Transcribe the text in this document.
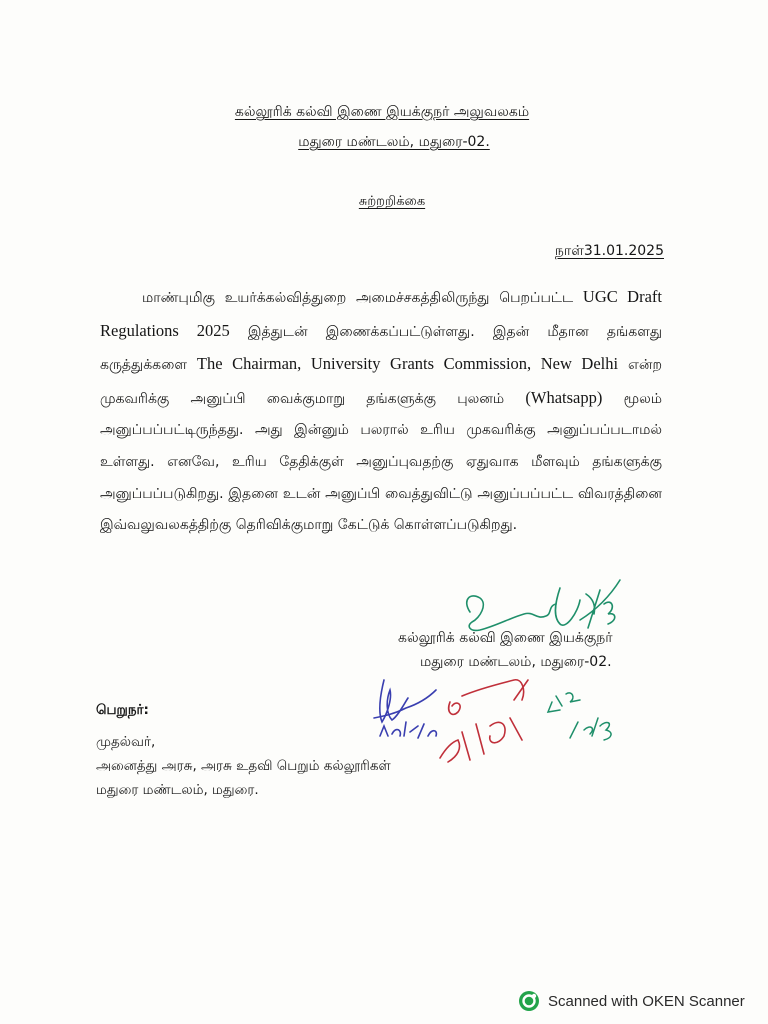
கல்லூரிக் கல்வி இணை இயக்குநர் அலுவலகம்
மதுரை மண்டலம், மதுரை-02.
சுற்றறிக்கை
நாள்31.01.2025
மாண்புமிகு உயர்க்கல்வித்துறை அமைச்சகத்திலிருந்து பெறப்பட்ட UGC Draft Regulations 2025 இத்துடன் இணைக்கப்பட்டுள்ளது. இதன் மீதான தங்களது கருத்துக்களை The Chairman, University Grants Commission, New Delhi என்ற முகவரிக்கு அனுப்பி வைக்குமாறு தங்களுக்கு புலனம் (Whatsapp) மூலம் அனுப்பப்பட்டிருந்தது. அது இன்னும் பலரால் உரிய முகவரிக்கு அனுப்பப்படாமல் உள்ளது. எனவே, உரிய தேதிக்குள் அனுப்புவதற்கு ஏதுவாக மீளவும் தங்களுக்கு அனுப்பப்படுகிறது. இதனை உடன் அனுப்பி வைத்துவிட்டு அனுப்பப்பட்ட விவரத்தினை இவ்வலுவலகத்திற்கு தெரிவிக்குமாறு கேட்டுக் கொள்ளப்படுகிறது.
கல்லூரிக் கல்வி இணை இயக்குநர்
மதுரை மண்டலம், மதுரை-02.
பெறுநர்:
முதல்வர்,
அனைத்து அரசு, அரசு உதவி பெறும் கல்லூரிகள்
மதுரை மண்டலம், மதுரை.
Scanned with OKEN Scanner
